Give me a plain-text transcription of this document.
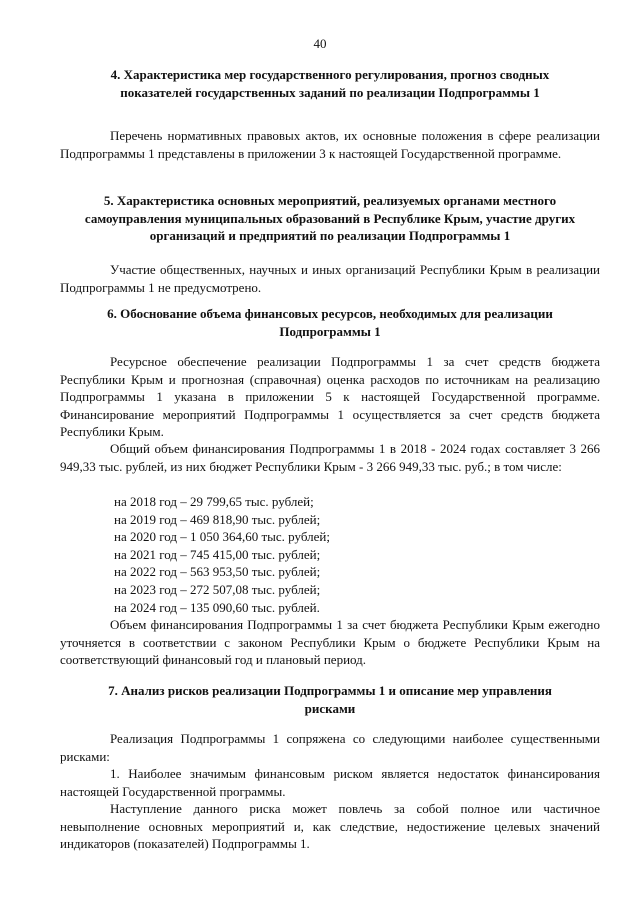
40
4. Характеристика мер государственного регулирования, прогноз сводных показателей государственных заданий по реализации Подпрограммы 1
Перечень нормативных правовых актов, их основные положения в сфере реализации Подпрограммы 1 представлены в приложении 3 к настоящей Государственной программе.
5. Характеристика основных мероприятий, реализуемых органами местного самоуправления муниципальных образований в Республике Крым, участие других организаций и предприятий по реализации Подпрограммы 1
Участие общественных, научных и иных организаций Республики Крым в реализации Подпрограммы 1 не предусмотрено.
6. Обоснование объема финансовых ресурсов, необходимых для реализации Подпрограммы 1
Ресурсное обеспечение реализации Подпрограммы 1 за счет средств бюджета Республики Крым и прогнозная (справочная) оценка расходов по источникам на реализацию Подпрограммы 1 указана в приложении 5 к настоящей Государственной программе. Финансирование мероприятий Подпрограммы 1 осуществляется за счет средств бюджета Республики Крым.
Общий объем финансирования Подпрограммы 1 в 2018 - 2024 годах составляет 3 266 949,33 тыс. рублей, из них бюджет Республики Крым - 3 266 949,33 тыс. руб.; в том числе:
на 2018 год – 29 799,65 тыс. рублей;
на 2019 год – 469 818,90 тыс. рублей;
на 2020 год – 1 050 364,60 тыс. рублей;
на 2021 год – 745 415,00 тыс. рублей;
на 2022 год – 563 953,50 тыс. рублей;
на 2023 год – 272 507,08 тыс. рублей;
на 2024 год – 135 090,60 тыс. рублей.
Объем финансирования Подпрограммы 1 за счет бюджета Республики Крым ежегодно уточняется в соответствии с законом Республики Крым о бюджете Республики Крым на соответствующий финансовый год и плановый период.
7. Анализ рисков реализации Подпрограммы 1 и описание мер управления рисками
Реализация Подпрограммы 1 сопряжена со следующими наиболее существенными рисками:
1. Наиболее значимым финансовым риском является недостаток финансирования настоящей Государственной программы.
Наступление данного риска может повлечь за собой полное или частичное невыполнение основных мероприятий и, как следствие, недостижение целевых значений индикаторов (показателей) Подпрограммы 1.
